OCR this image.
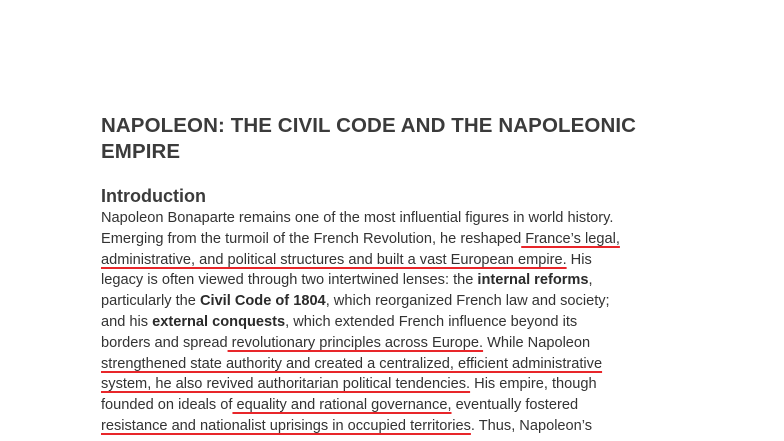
NAPOLEON: THE CIVIL CODE AND THE NAPOLEONIC
EMPIRE
Introduction
Napoleon Bonaparte remains one of the most influential figures in world history.
Emerging from the turmoil of the French Revolution, he reshaped France’s legal,
administrative, and political structures and built a vast European empire. His
legacy is often viewed through two intertwined lenses: the internal reforms,
particularly the Civil Code of 1804, which reorganized French law and society;
and his external conquests, which extended French influence beyond its
borders and spread revolutionary principles across Europe. While Napoleon
strengthened state authority and created a centralized, efficient administrative
system, he also revived authoritarian political tendencies. His empire, though
founded on ideals of equality and rational governance, eventually fostered
resistance and nationalist uprisings in occupied territories. Thus, Napoleon’s
